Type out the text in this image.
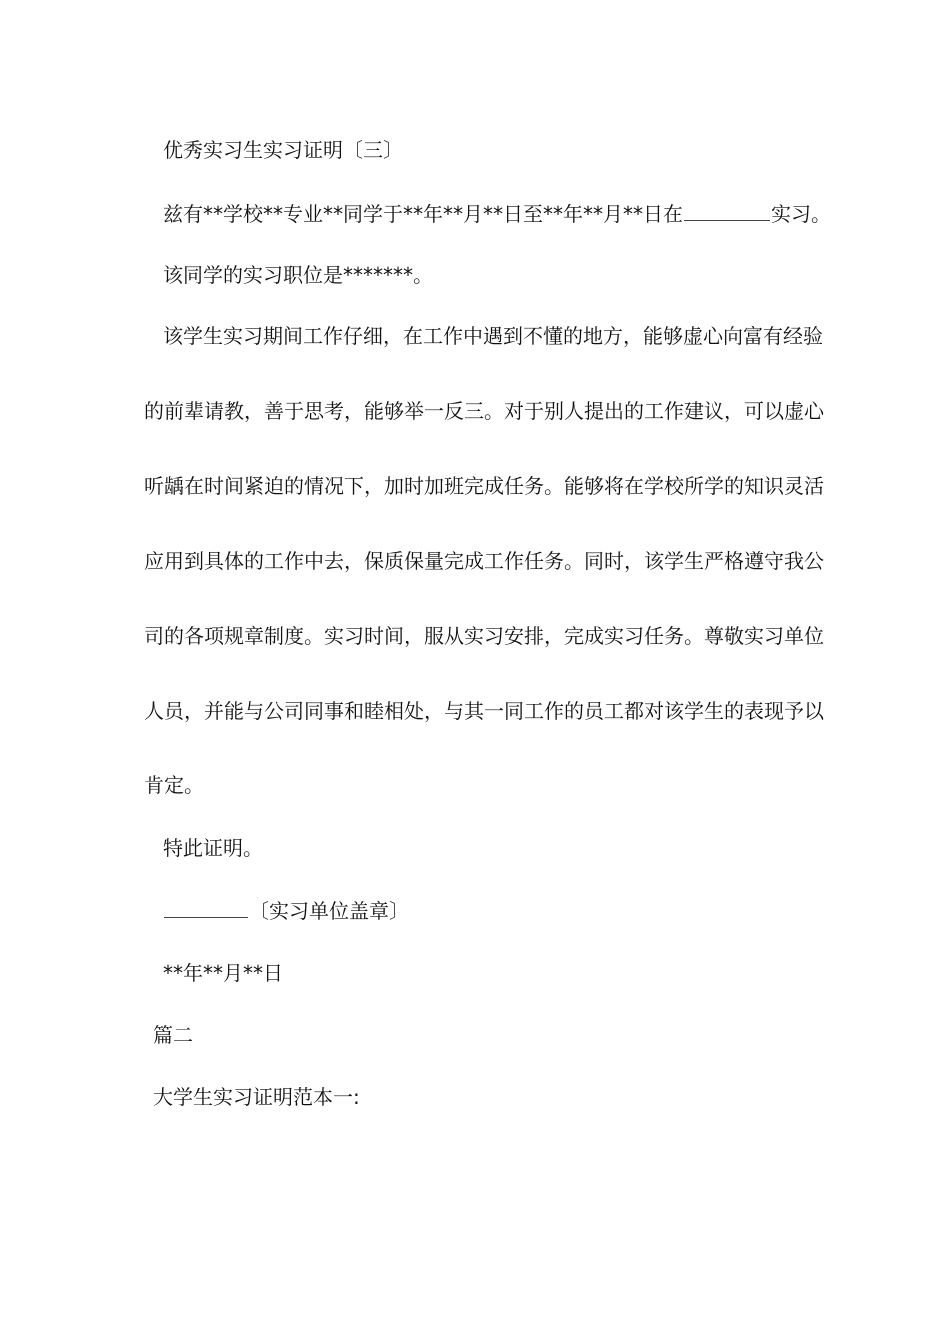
优秀实习生实习证明〔三〕
兹有**学校**专业**同学于**年**月**日至**年**月**日在	实习。
该同学的实习职位是*******。
该学生实习期间工作仔细，在工作中遇到不懂的地方，能够虚心向富有经验
的前辈请教，善于思考，能够举一反三。对于别人提出的工作建议，可以虚心
听龋在时间紧迫的情况下，加时加班完成任务。能够将在学校所学的知识灵活
应用到具体的工作中去，保质保量完成工作任务。同时，该学生严格遵守我公
司的各项规章制度。实习时间，服从实习安排，完成实习任务。尊敬实习单位
人员，并能与公司同事和睦相处，与其一同工作的员工都对该学生的表现予以
肯定。
特此证明。
〔实习单位盖章〕
**年**月**日
篇二
大学生实习证明范本一:
